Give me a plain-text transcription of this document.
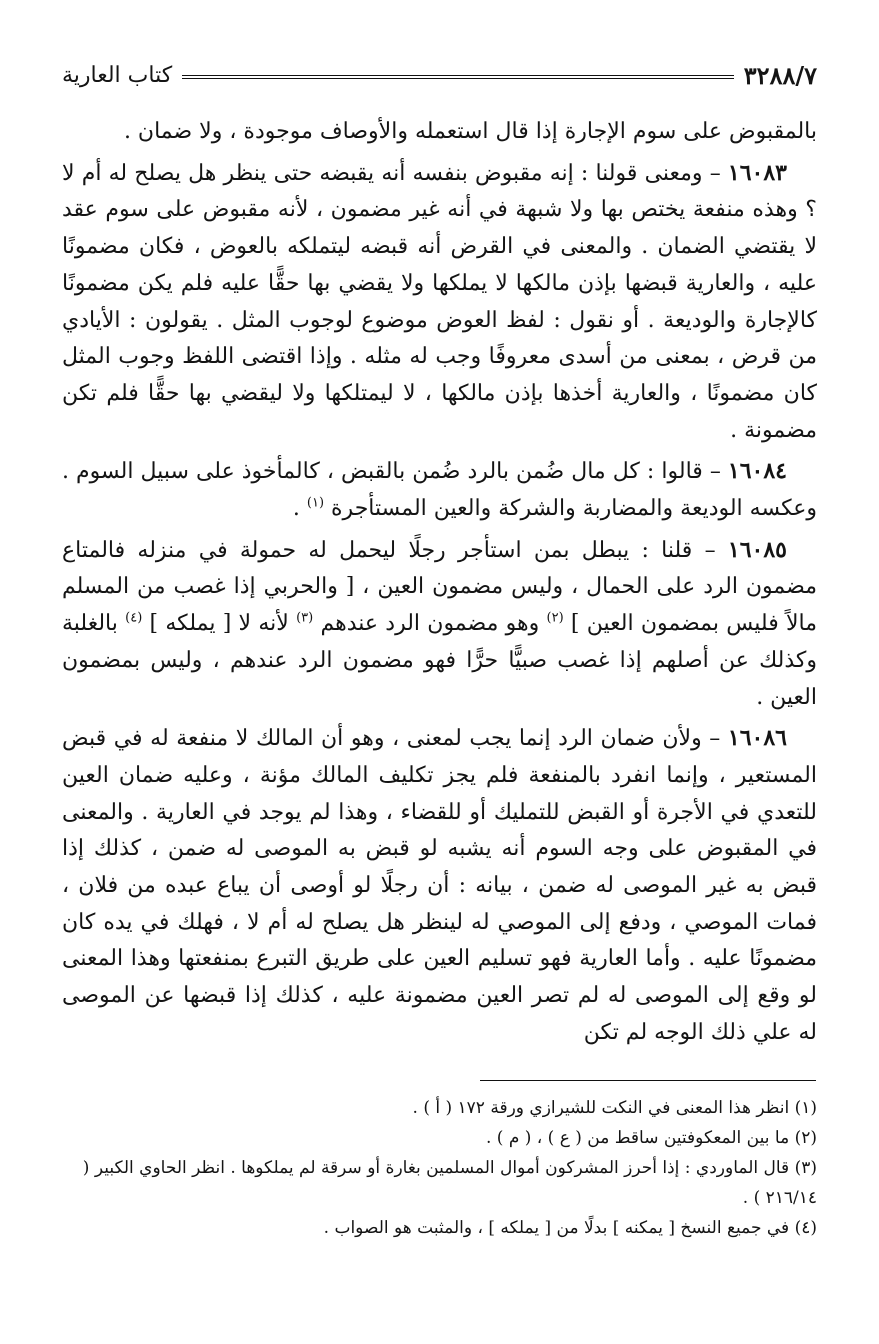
٣٢٨٨/٧
كتاب العارية

بالمقبوض على سوم الإجارة إذا قال استعمله والأوصاف موجودة ، ولا ضمان .

١٦٠٨٣ – ومعنى قولنا : إنه مقبوض بنفسه أنه يقبضه حتى ينظر هل يصلح له أم لا ؟ وهذه منفعة يختص بها ولا شبهة في أنه غير مضمون ، لأنه مقبوض على سوم عقد لا يقتضي الضمان . والمعنى في القرض أنه قبضه ليتملكه بالعوض ، فكان مضمونًا عليه ، والعارية قبضها بإذن مالكها لا يملكها ولا يقضي بها حقًّا عليه فلم يكن مضمونًا كالإجارة والوديعة . أو نقول : لفظ العوض موضوع لوجوب المثل . يقولون : الأيادي من قرض ، بمعنى من أسدى معروفًا وجب له مثله . وإذا اقتضى اللفظ وجوب المثل كان مضمونًا ، والعارية أخذها بإذن مالكها ، لا ليمتلكها ولا ليقضي بها حقًّا فلم تكن مضمونة .

١٦٠٨٤ – قالوا : كل مال ضُمن بالرد ضُمن بالقبض ، كالمأخوذ على سبيل السوم . وعكسه الوديعة والمضاربة والشركة والعين المستأجرة $^{(١)}$ .

١٦٠٨٥ – قلنا : يبطل بمن استأجر رجلًا ليحمل له حمولة في منزله فالمتاع مضمون الرد على الحمال ، وليس مضمون العين ، [ والحربي إذا غصب من المسلم مالاً فليس بمضمون العين ] $^{(٢)}$ وهو مضمون الرد عندهم $^{(٣)}$ لأنه لا [ يملكه ] $^{(٤)}$ بالغلبة وكذلك عن أصلهم إذا غصب صبيًّا حرًّا فهو مضمون الرد عندهم ، وليس بمضمون العين .

١٦٠٨٦ – ولأن ضمان الرد إنما يجب لمعنى ، وهو أن المالك لا منفعة له في قبض المستعير ، وإنما انفرد بالمنفعة فلم يجز تكليف المالك مؤنة ، وعليه ضمان العين للتعدي في الأجرة أو القبض للتمليك أو للقضاء ، وهذا لم يوجد في العارية . والمعنى في المقبوض على وجه السوم أنه يشبه لو قبض به الموصى له ضمن ، كذلك إذا قبض به غير الموصى له ضمن ، بيانه : أن رجلًا لو أوصى أن يباع عبده من فلان ، فمات الموصي ، ودفع إلى الموصي له لينظر هل يصلح له أم لا ، فهلك في يده كان مضمونًا عليه . وأما العارية فهو تسليم العين على طريق التبرع بمنفعتها وهذا المعنى لو وقع إلى الموصى له لم تصر العين مضمونة عليه ، كذلك إذا قبضها عن الموصى له علي ذلك الوجه لم تكن

(١) انظر هذا المعنى في النكت للشيرازي ورقة ١٧٢ ( أ ) .

(٢) ما بين المعكوفتين ساقط من ( ع ) ، ( م ) .

(٣) قال الماوردي : إذا أحرز المشركون أموال المسلمين بغارة أو سرقة لم يملكوها . انظر الحاوي الكبير ( ٢١٦/١٤ ) .

(٤) في جميع النسخ [ يمكنه ] بدلًا من [ يملكه ] ، والمثبت هو الصواب .
